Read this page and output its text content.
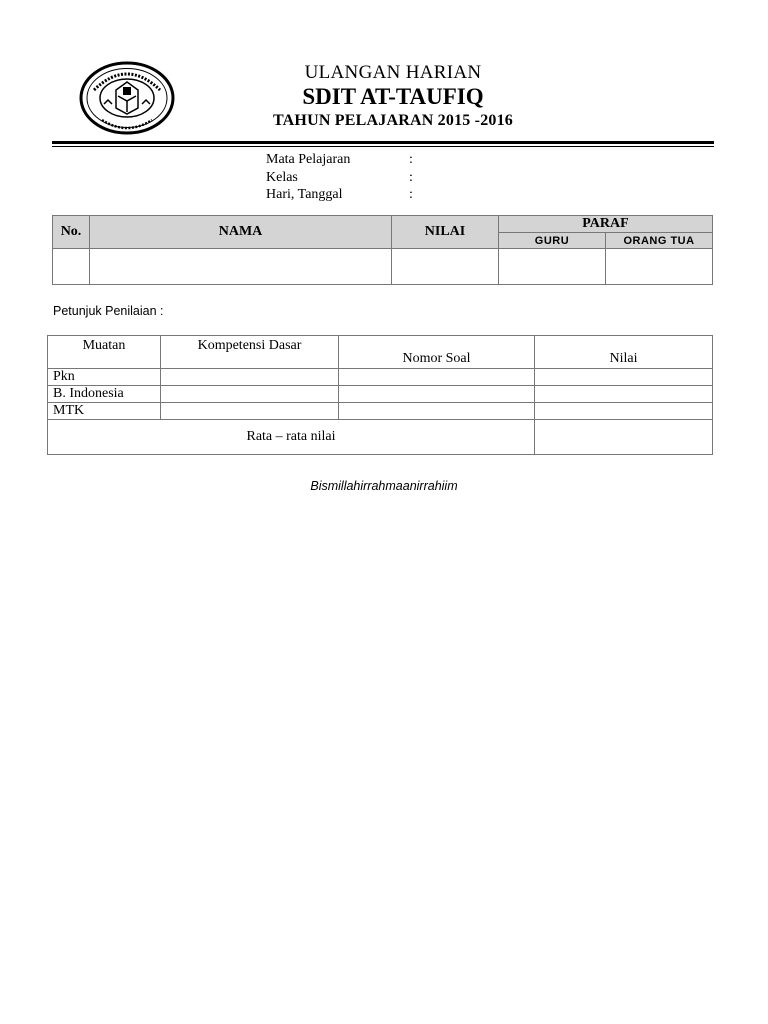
ULANGAN HARIAN
SDIT AT-TAUFIQ
TAHUN PELAJARAN 2015 -2016
Mata Pelajaran	:
Kelas	:
Hari, Tanggal	:
No.	NAMA	NILAI	PARAF	
			GURU	ORANG TUA

Petunjuk Penilaian :
Muatan	Kompetensi Dasar	Nomor Soal	Nilai
Pkn			
B. Indonesia			
MTK			
Rata – rata nilai			
Bismillahirrahmaanirrahiim
